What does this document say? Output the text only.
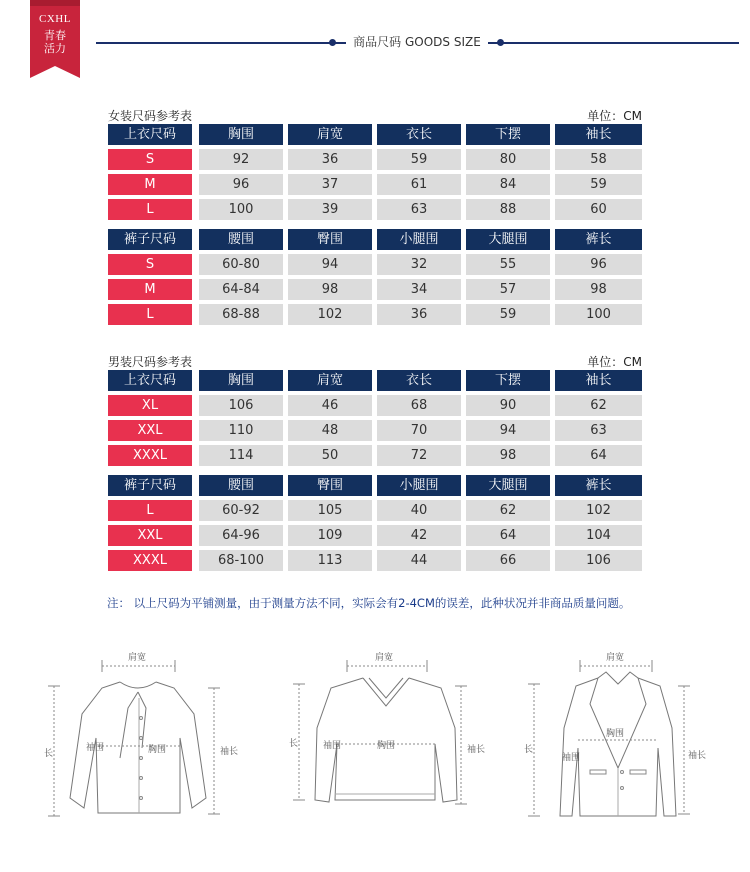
CXHL
青春
活力	商品尺码 GOODS SIZE
女装尺码参考表	单位：CM
上衣尺码	胸围	肩宽	衣长	下摆	袖长
S	92	36	59	80	58
M	96	37	61	84	59
L	100	39	63	88	60
裤子尺码	腰围	臀围	小腿围	大腿围	裤长
S	60-80	94	32	55	96
M	64-84	98	34	57	98
L	68-88	102	36	59	100
男装尺码参考表	单位：CM
上衣尺码	胸围	肩宽	衣长	下摆	袖长
XL	106	46	68	90	62
XXL	110	48	70	94	63
XXXL	114	50	72	98	64
裤子尺码	腰围	臀围	小腿围	大腿围	裤长
L	60-92	105	40	62	102
XXL	64-96	109	42	64	104
XXXL	68-100	113	44	66	106
注： 以上尺码为平铺测量，由于测量方法不同，实际会有2-4CM的误差，此种状况并非商品质量问题。
肩宽
长
袖围	胸围	袖长
肩宽
长	袖围	胸围	袖长
肩宽
长
袖围
胸围
袖长
